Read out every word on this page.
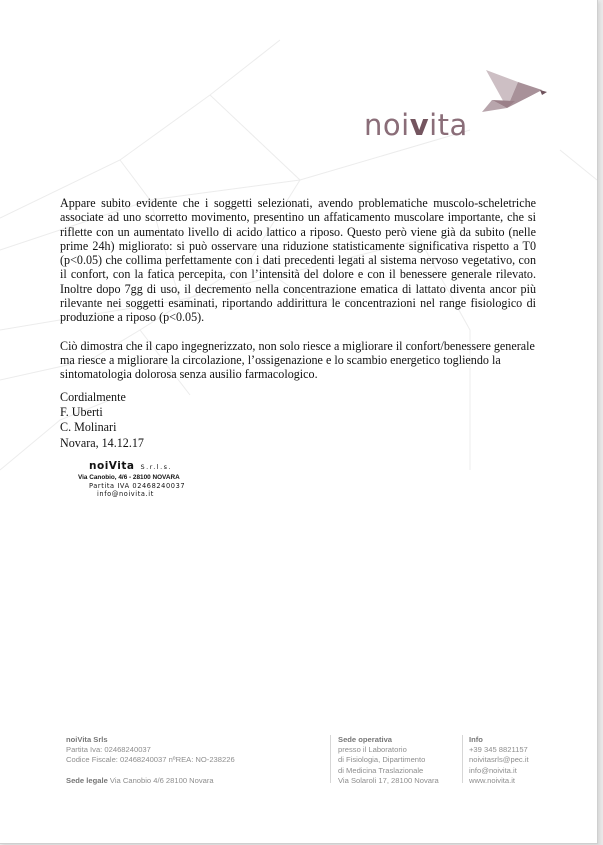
noivita

Appare subito evidente che i soggetti selezionati, avendo problematiche muscolo-scheletriche associate ad uno scorretto movimento, presentino un affaticamento muscolare importante, che si riflette con un aumentato livello di acido lattico a riposo. Questo però viene già da subito (nelle prime 24h) migliorato: si può osservare una riduzione statisticamente significativa rispetto a T0 (p<0.05) che collima perfettamente con i dati precedenti legati al sistema nervoso vegetativo, con il confort, con la fatica percepita, con l’intensità del dolore e con il benessere generale rilevato. Inoltre dopo 7gg di uso, il decremento nella concentrazione ematica di lattato diventa ancor più rilevante nei soggetti esaminati, riportando addirittura le concentrazioni nel range fisiologico di produzione a riposo (p<0.05).

Ciò dimostra che il capo ingegnerizzato, non solo riesce a migliorare il confort/benessere generale ma riesce a migliorare la circolazione, l’ossigenazione e lo scambio energetico togliendo la sintomatologia dolorosa senza ausilio farmacologico.

Cordialmente
F. Uberti
C. Molinari
Novara, 14.12.17
noiVita S.r.l.s.
Via Canobio, 4/6 - 28100 NOVARA
Partita IVA 02468240037
info@noivita.it
noiVita Srls
Partita Iva: 02468240037
Codice Fiscale: 02468240037 nºREA: NO-238226
Sede legale Via Canobio 4/6 28100 Novara
Sede operativa
presso il Laboratorio
di Fisiologia, Dipartimento
di Medicina Traslazionale
Via Solaroli 17, 28100 Novara
Info
+39 345 8821157
noivitasrls@pec.it
info@noivita.it
www.noivita.it
